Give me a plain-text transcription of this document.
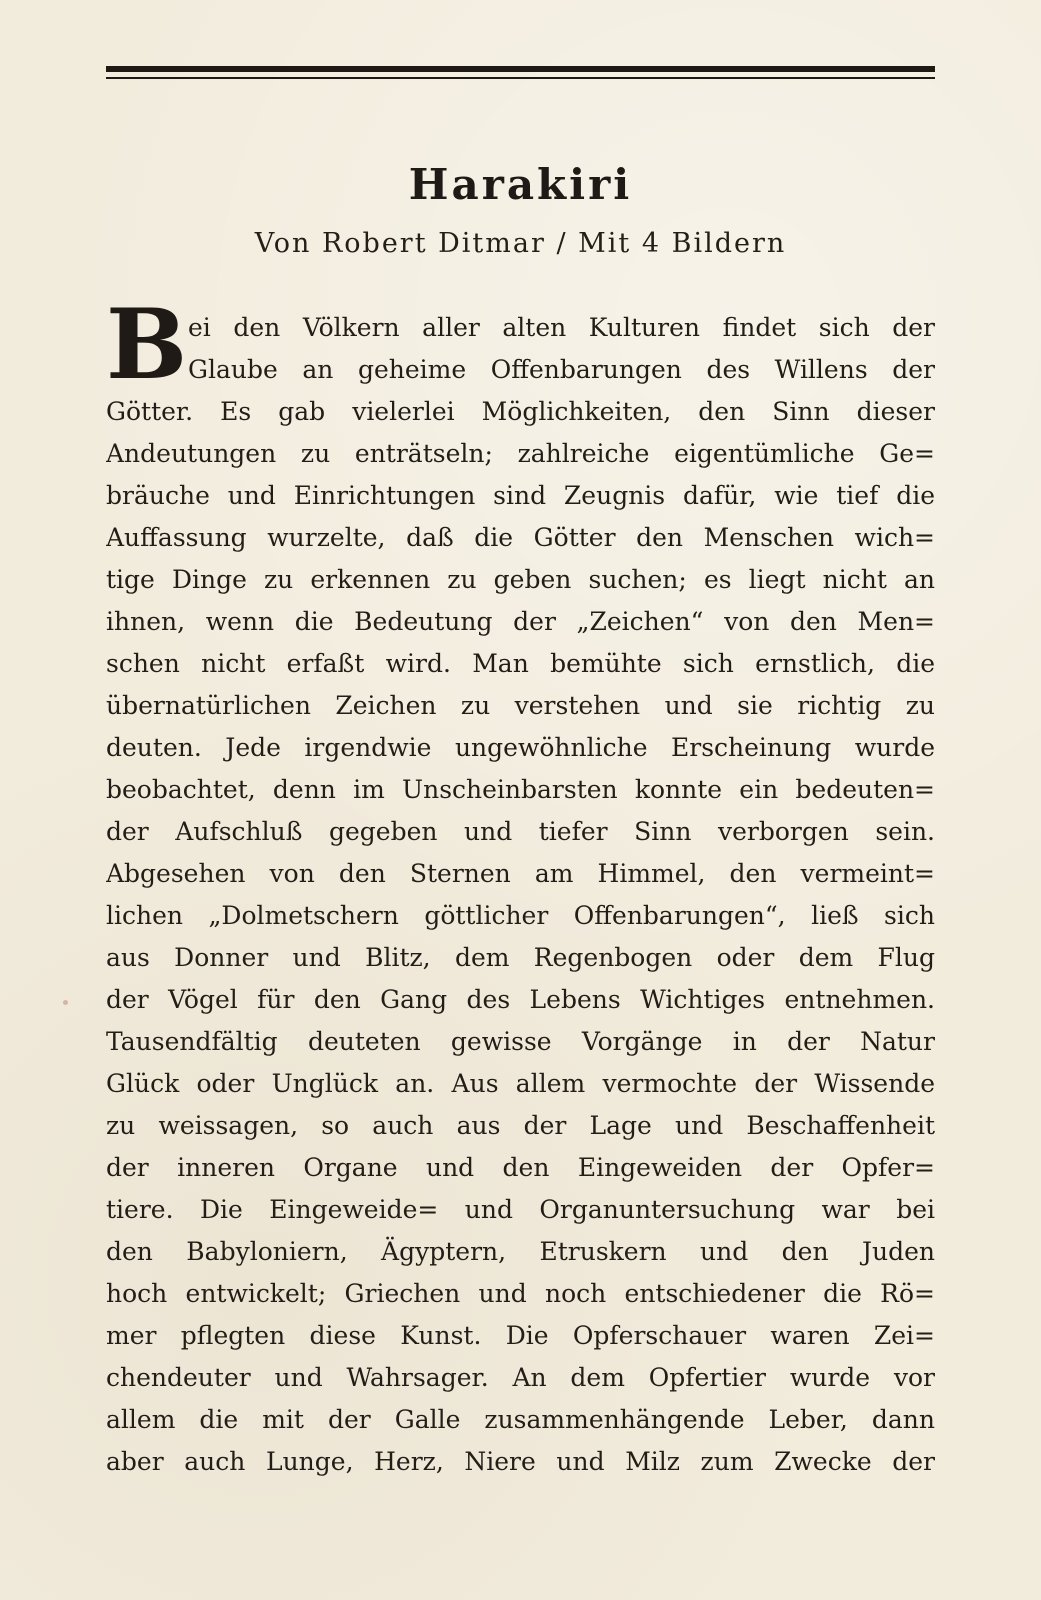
Harakiri
Von Robert Ditmar / Mit 4 Bildern
B ei den Völkern aller alten Kulturen findet sich der
Glaube an geheime Offenbarungen des Willens der
Götter. Es gab vielerlei Möglichkeiten, den Sinn dieser
Andeutungen zu enträtseln; zahlreiche eigentümliche Ge=
bräuche und Einrichtungen sind Zeugnis dafür, wie tief die
Auffassung wurzelte, daß die Götter den Menschen wich=
tige Dinge zu erkennen zu geben suchen; es liegt nicht an
ihnen, wenn die Bedeutung der „Zeichen“ von den Men=
schen nicht erfaßt wird. Man bemühte sich ernstlich, die
übernatürlichen Zeichen zu verstehen und sie richtig zu
deuten. Jede irgendwie ungewöhnliche Erscheinung wurde
beobachtet, denn im Unscheinbarsten konnte ein bedeuten=
der Aufschluß gegeben und tiefer Sinn verborgen sein.
Abgesehen von den Sternen am Himmel, den vermeint=
lichen „Dolmetschern göttlicher Offenbarungen“, ließ sich
aus Donner und Blitz, dem Regenbogen oder dem Flug
der Vögel für den Gang des Lebens Wichtiges entnehmen.
Tausendfältig deuteten gewisse Vorgänge in der Natur
Glück oder Unglück an. Aus allem vermochte der Wissende
zu weissagen, so auch aus der Lage und Beschaffenheit
der inneren Organe und den Eingeweiden der Opfer=
tiere. Die Eingeweide= und Organuntersuchung war bei
den Babyloniern, Ägyptern, Etruskern und den Juden
hoch entwickelt; Griechen und noch entschiedener die Rö=
mer pflegten diese Kunst. Die Opferschauer waren Zei=
chendeuter und Wahrsager. An dem Opfertier wurde vor
allem die mit der Galle zusammenhängende Leber, dann
aber auch Lunge, Herz, Niere und Milz zum Zwecke der
